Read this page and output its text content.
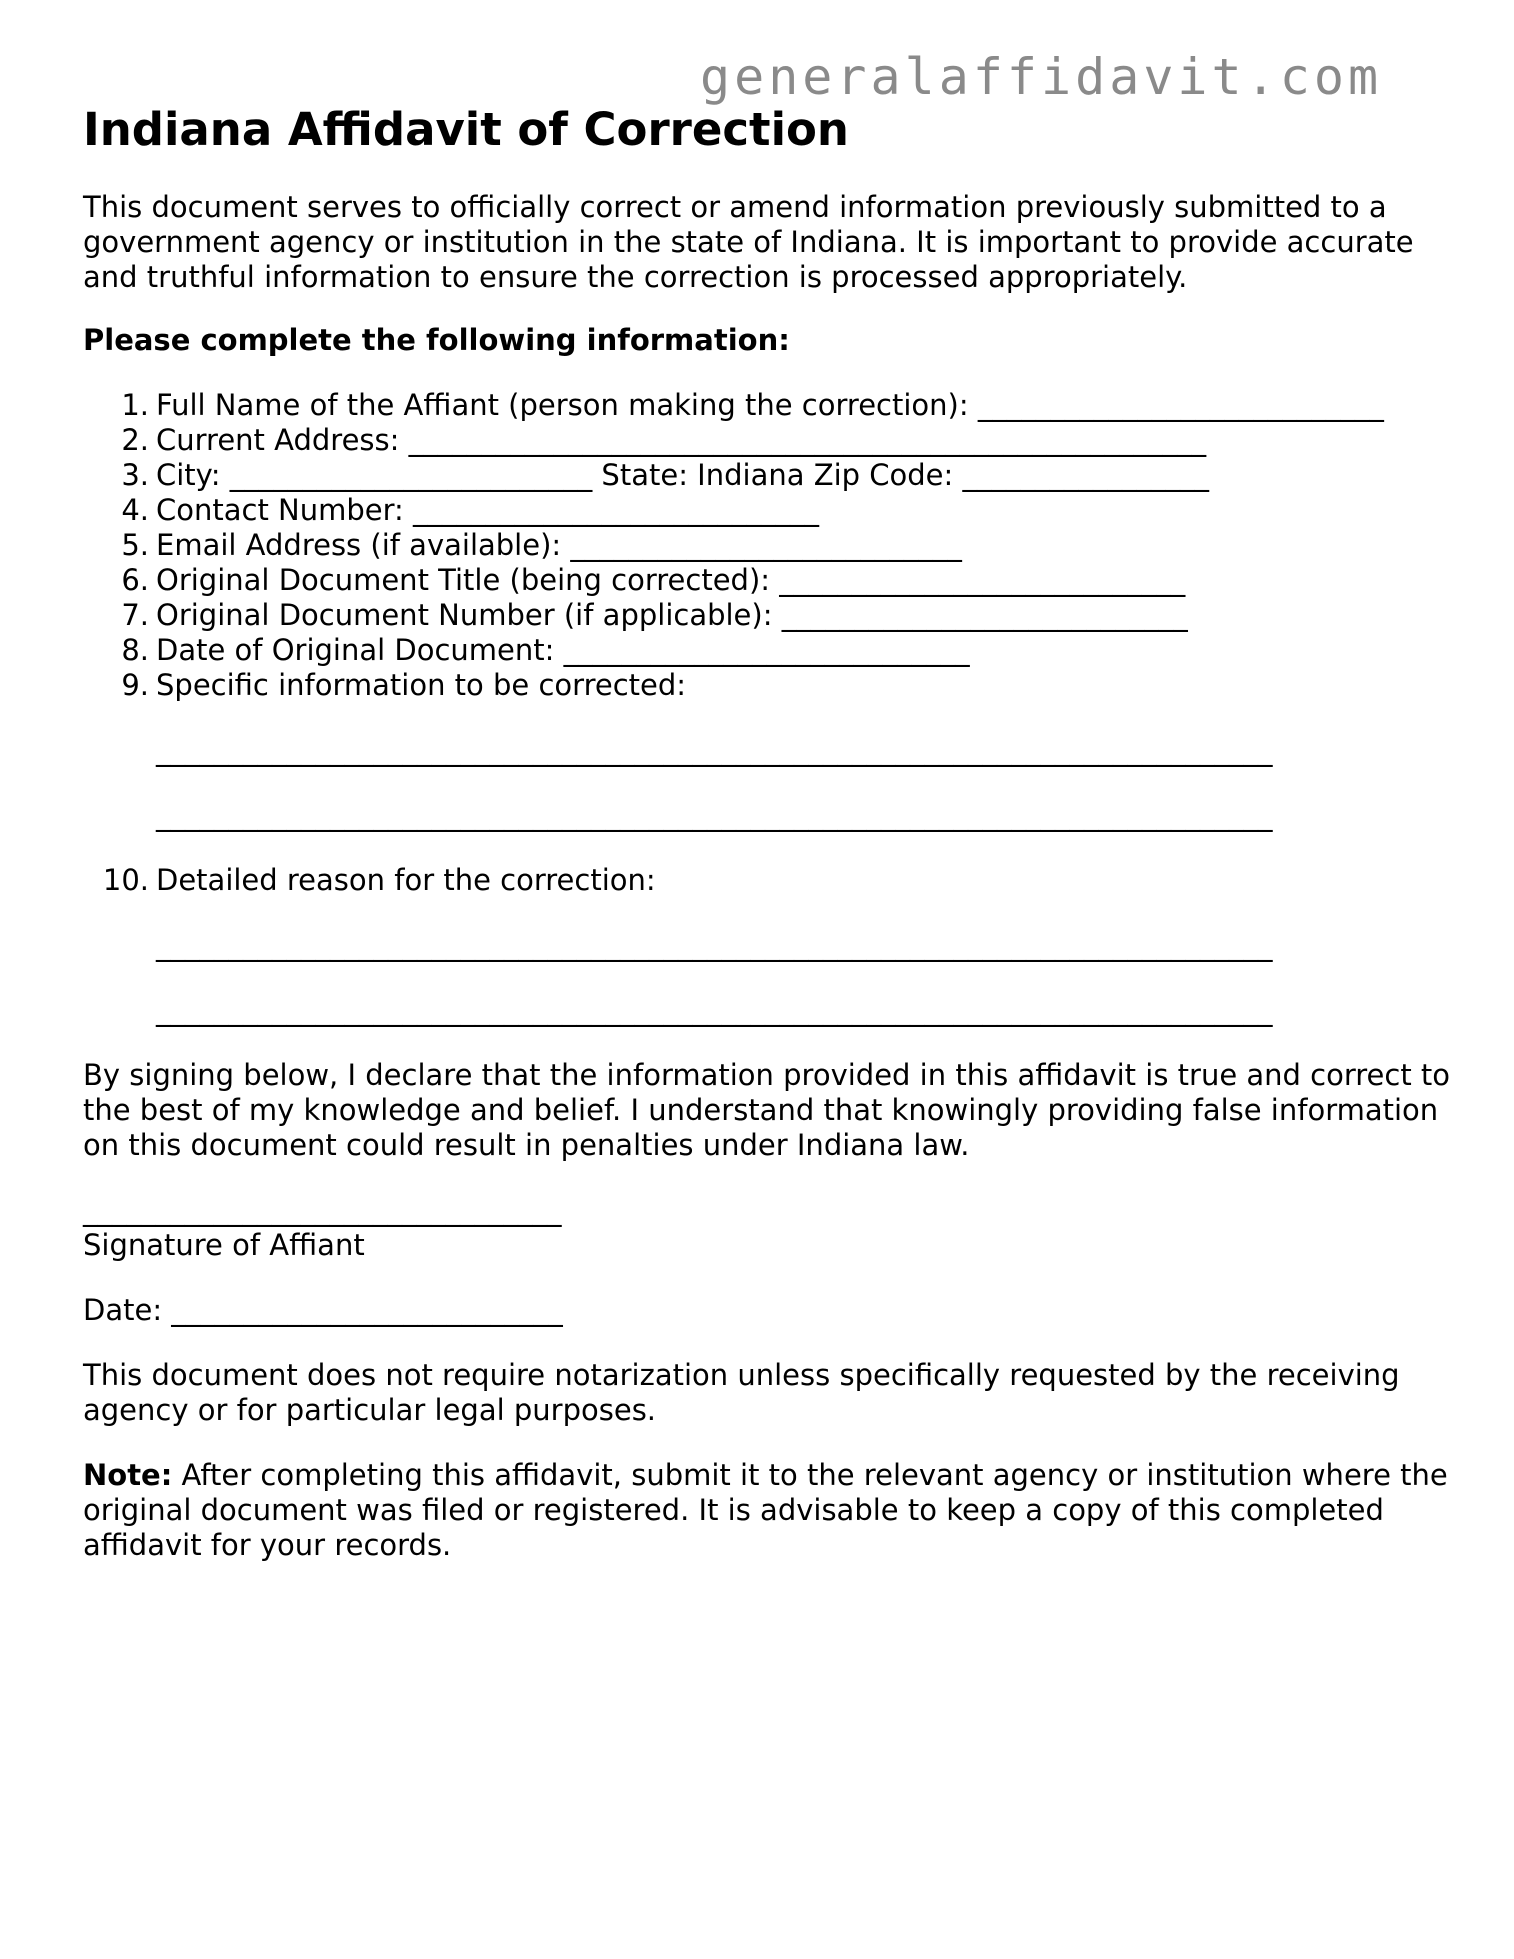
generalaffidavit.com
Indiana Affidavit of Correction

This document serves to officially correct or amend information previously submitted to a government agency or institution in the state of Indiana. It is important to provide accurate and truthful information to ensure the correction is processed appropriately.

Please complete the following information:

1. Full Name of the Affiant (person making the correction): ____________________________
2. Current Address: _______________________________________________________
3. City: _________________________ State: Indiana Zip Code: _________________
4. Contact Number: ____________________________
5. Email Address (if available): ___________________________
6. Original Document Title (being corrected): ____________________________
7. Original Document Number (if applicable): ____________________________
8. Date of Original Document: ____________________________
9. Specific information to be corrected:
_____________________________________________________________________________
_____________________________________________________________________________
10. Detailed reason for the correction:
_____________________________________________________________________________
_____________________________________________________________________________

By signing below, I declare that the information provided in this affidavit is true and correct to the best of my knowledge and belief. I understand that knowingly providing false information on this document could result in penalties under Indiana law.

_________________________________

Signature of Affiant

Date: ___________________________

This document does not require notarization unless specifically requested by the receiving agency or for particular legal purposes.

Note: After completing this affidavit, submit it to the relevant agency or institution where the original document was filed or registered. It is advisable to keep a copy of this completed affidavit for your records.
